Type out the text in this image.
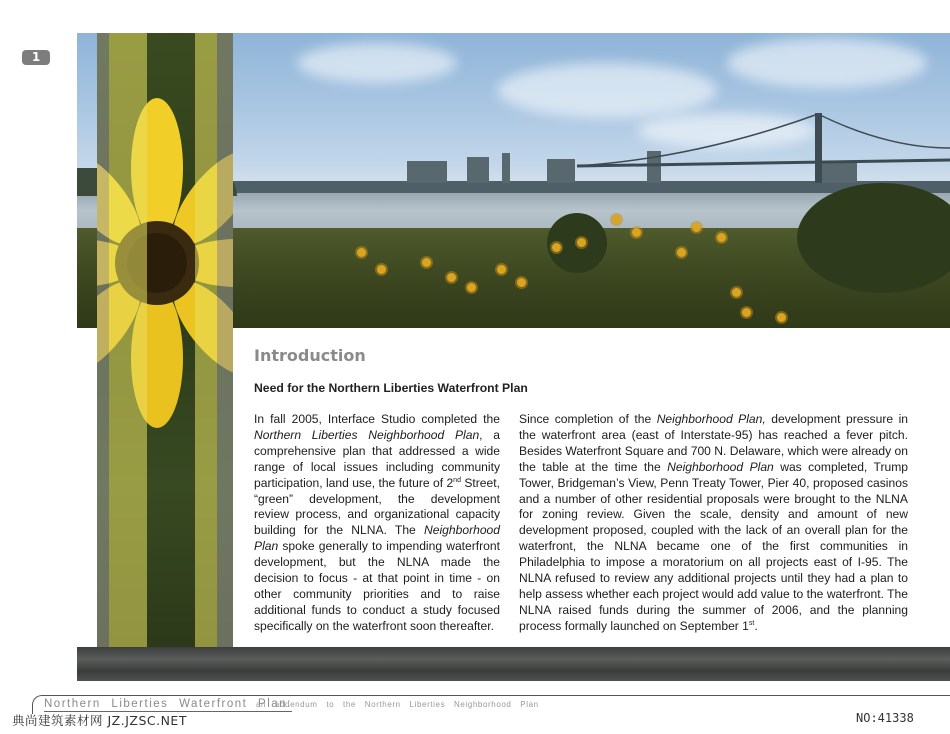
1
Introduction
Need for the Northern Liberties Waterfront Plan

In fall 2005, Interface Studio completed the Northern Liberties Neighborhood Plan, a comprehensive plan that addressed a wide range of local issues including community participation, land use, the future of 2nd Street, “green” development, the development review process, and organizational capacity building for the NLNA. The Neighborhood Plan spoke generally to impending waterfront development, but the NLNA made the decision to focus - at that point in time - on other community priorities and to raise additional funds to conduct a study focused specifically on the waterfront soon thereafter.

Since completion of the Neighborhood Plan, development pressure in the waterfront area (east of Interstate-95) has reached a fever pitch. Besides Waterfront Square and 700 N. Delaware, which were already on the table at the time the Neighborhood Plan was completed, Trump Tower, Bridgeman’s View, Penn Treaty Tower, Pier 40, proposed casinos and a number of other residential proposals were brought to the NLNA for zoning review. Given the scale, density and amount of new development proposed, coupled with the lack of an overall plan for the waterfront, the NLNA became one of the first communities in Philadelphia to impose a moratorium on all projects east of I-95. The NLNA refused to review any additional projects until they had a plan to help assess whether each project would add value to the waterfront. The NLNA raised funds during the summer of 2006, and the planning process formally launched on September 1st.

Northern Liberties Waterfront Plan:
an addendum to the Northern Liberties Neighborhood Plan
典尚建筑素材网 JZ.JZSC.NET	NO:41338
